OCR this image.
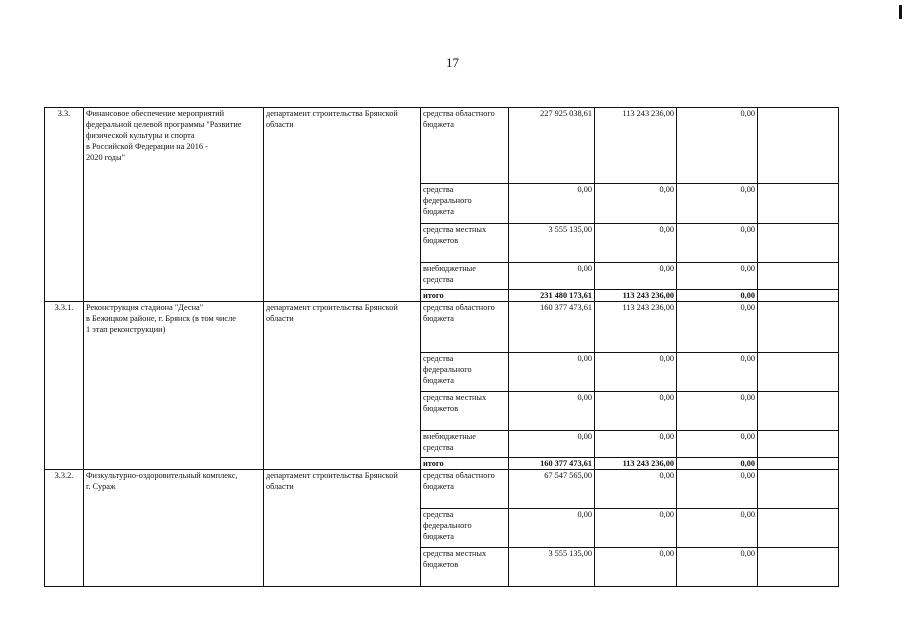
17
3.3.	Финансовое обеспечение мероприятий
федеральной целевой программы "Развитие
физической культуры и спорта
в Российской Федерации на 2016 -
2020 годы"	департамент строительства Брянской
области	средства областного
бюджета	227 925 038,61	113 243 236,00	0,00	
			средства
федерального
бюджета	0,00	0,00	0,00	
			средства местных
бюджетов	3 555 135,00	0,00	0,00	
			внебюджетные
средства	0,00	0,00	0,00	
			итого	231 480 173,61	113 243 236,00	0,00	
3.3.1.	Реконструкция стадиона "Десна"
в Бежицком районе, г. Брянск (в том числе
1 этап реконструкции)	департамент строительства Брянской
области	средства областного
бюджета	160 377 473,61	113 243 236,00	0,00	
			средства
федерального
бюджета	0,00	0,00	0,00	
			средства местных
бюджетов	0,00	0,00	0,00	
			внебюджетные
средства	0,00	0,00	0,00	
			итого	160 377 473,61	113 243 236,00	0,00	
3.3.2.	Физкультурно-оздоровительный комплекс,
г. Сураж	департамент строительства Брянской
области	средства областного
бюджета	67 547 565,00	0,00	0,00	
			средства
федерального
бюджета	0,00	0,00	0,00	
			средства местных
бюджетов	3 555 135,00	0,00	0,00	
